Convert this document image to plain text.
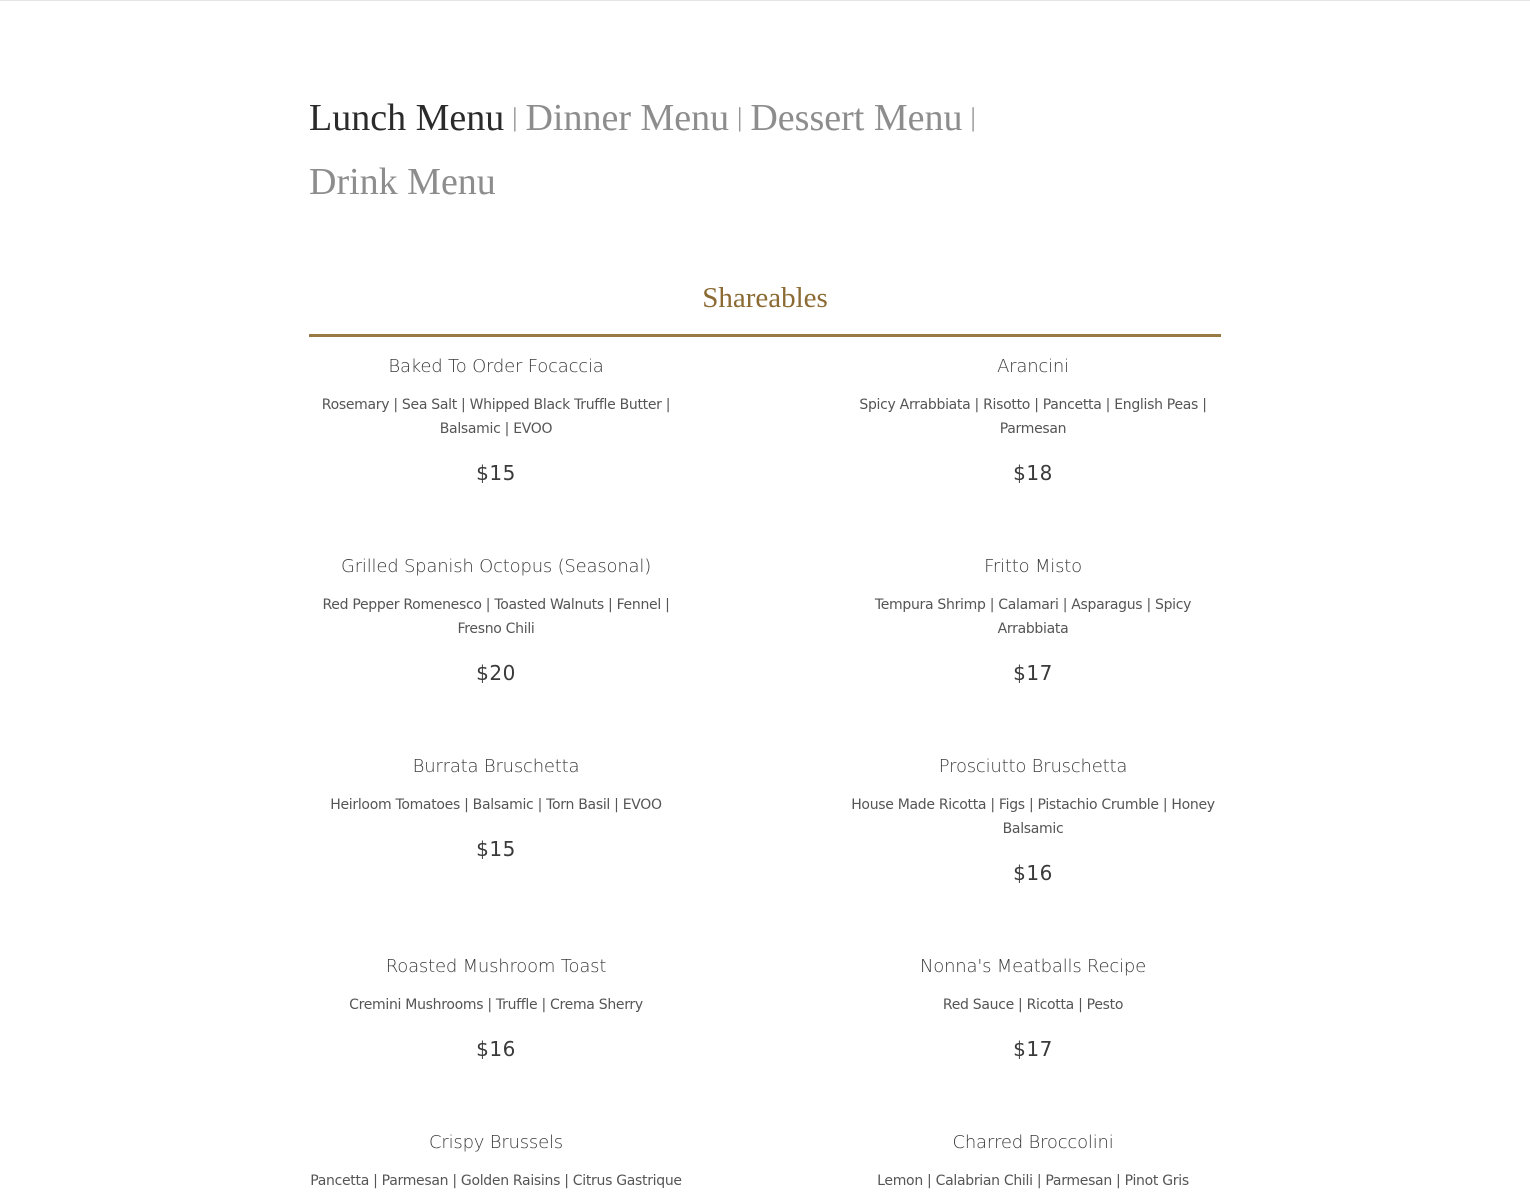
Lunch Menu | Dinner Menu | Dessert Menu |
Drink Menu
Shareables
Baked To Order Focaccia
Rosemary | Sea Salt | Whipped Black Truffle Butter | Balsamic | EVOO
$15
Arancini
Spicy Arrabbiata | Risotto | Pancetta | English Peas | Parmesan
$18
Grilled Spanish Octopus (Seasonal)
Red Pepper Romenesco | Toasted Walnuts | Fennel | Fresno Chili
$20
Fritto Misto
Tempura Shrimp | Calamari | Asparagus | Spicy Arrabbiata
$17
Burrata Bruschetta
Heirloom Tomatoes | Balsamic | Torn Basil | EVOO
$15
Prosciutto Bruschetta
House Made Ricotta | Figs | Pistachio Crumble | Honey Balsamic
$16
Roasted Mushroom Toast
Cremini Mushrooms | Truffle | Crema Sherry
$16
Nonna's Meatballs Recipe
Red Sauce | Ricotta | Pesto
$17
Crispy Brussels
Pancetta | Parmesan | Golden Raisins | Citrus Gastrique
Charred Broccolini
Lemon | Calabrian Chili | Parmesan | Pinot Gris
